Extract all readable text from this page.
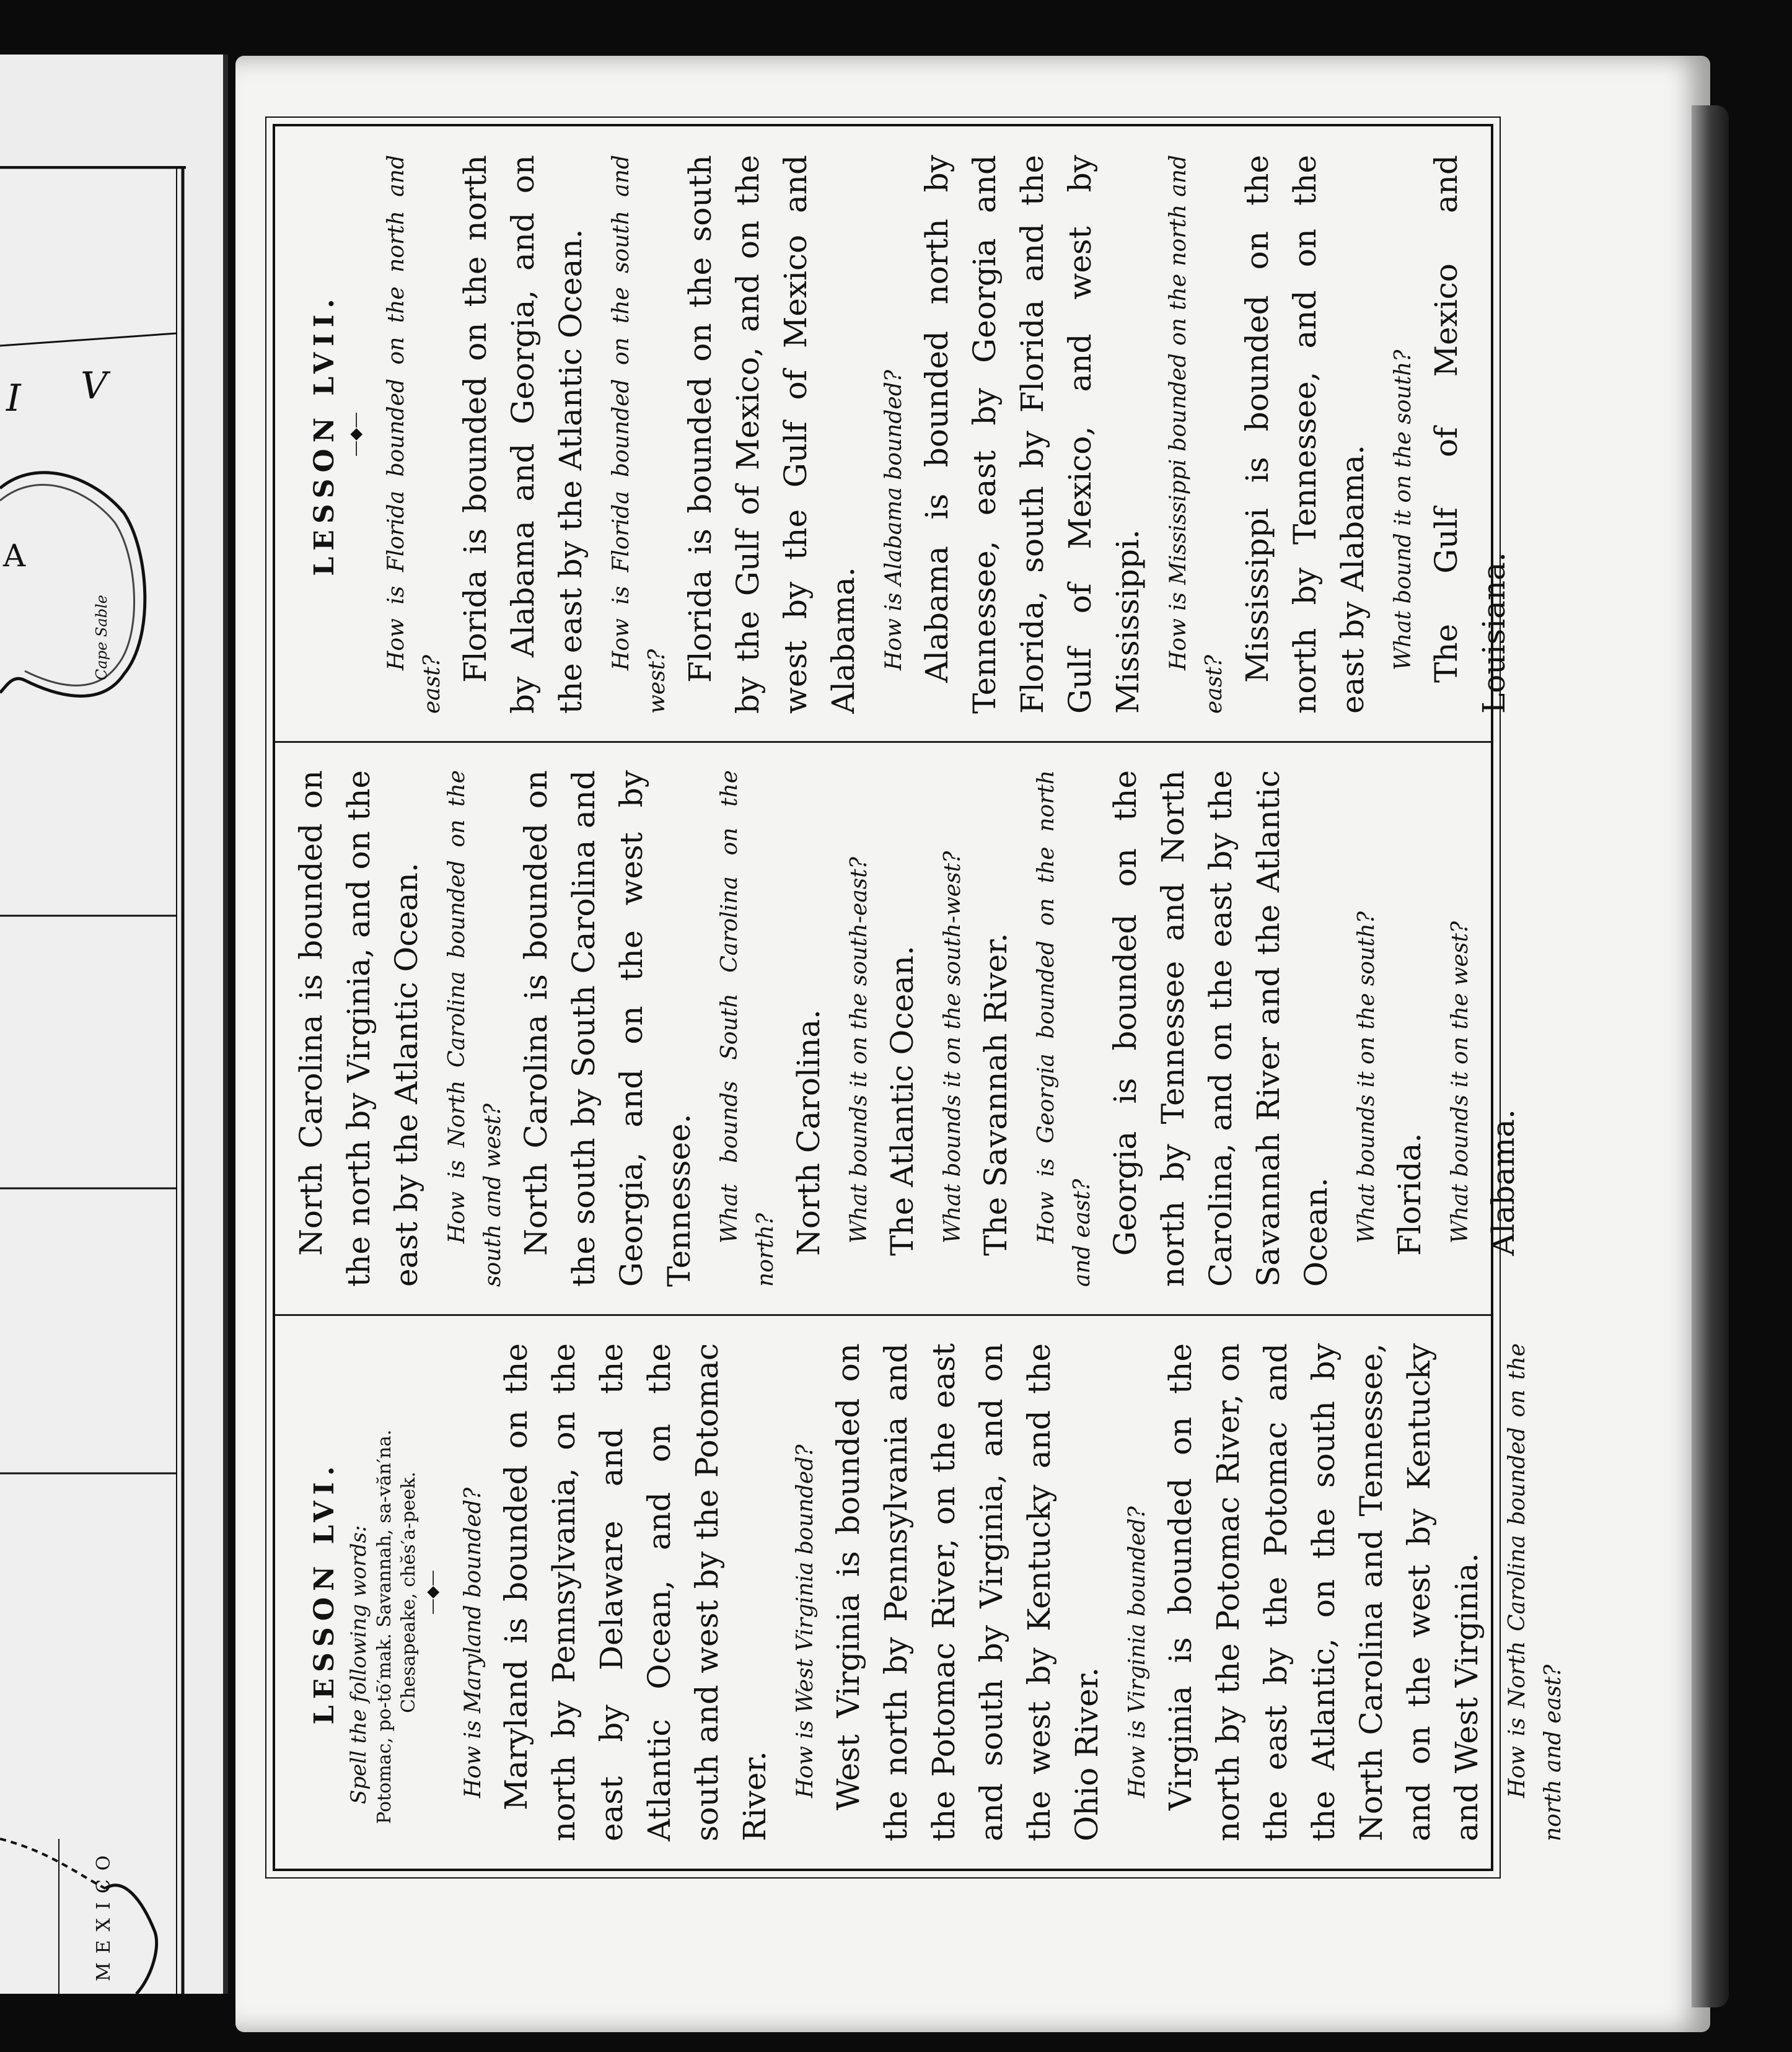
I V
A
Cape Sable
MEXICO
LESSON LVI. Spell the following words: Potomac, po-tō′mak. Savannah, sa-văn′na. Chesapeake, chĕs′a-peek. —◆— How is Maryland bounded? Maryland is bounded on the north by Pennsylvania, on the east by Delaware and the Atlantic Ocean, and on the south and west by the Potomac River. How is West Virginia bounded? West Virginia is bounded on the north by Pennsylvania and the Potomac River, on the east and south by Virginia, and on the west by Kentucky and the Ohio River. How is Virginia bounded? Virginia is bounded on the north by the Potomac River, on the east by the Potomac and the Atlantic, on the south by North Carolina and Tennessee, and on the west by Kentucky and West Virginia. How is North Carolina bounded on the north and east?

North Carolina is bounded on the north by Virginia, and on the east by the Atlantic Ocean. How is North Carolina bounded on the south and west? North Carolina is bounded on the south by South Carolina and Georgia, and on the west by Tennessee. What bounds South Carolina on the north? North Carolina. What bounds it on the south-east? The Atlantic Ocean. What bounds it on the south-west? The Savannah River. How is Georgia bounded on the north and east? Georgia is bounded on the north by Tennessee and North Carolina, and on the east by the Savannah River and the Atlantic Ocean. What bounds it on the south? Florida. What bounds it on the west? Alabama.

LESSON LVII. —◆— How is Florida bounded on the north and east?

Florida is bounded on the north by Alabama and Georgia, and on the east by the Atlantic Ocean. How is Florida bounded on the south and west? Florida is bounded on the south by the Gulf of Mexico, and on the west by the Gulf of Mexico and Alabama. How is Alabama bounded? Alabama is bounded north by Tennessee, east by Georgia and Florida, south by Florida and the Gulf of Mexico, and west by Mississippi. How is Mississippi bounded on the north and east?

Mississippi is bounded on the north by Tennessee, and on the east by Alabama. What bound it on the south? The Gulf of Mexico and Louisiana.
